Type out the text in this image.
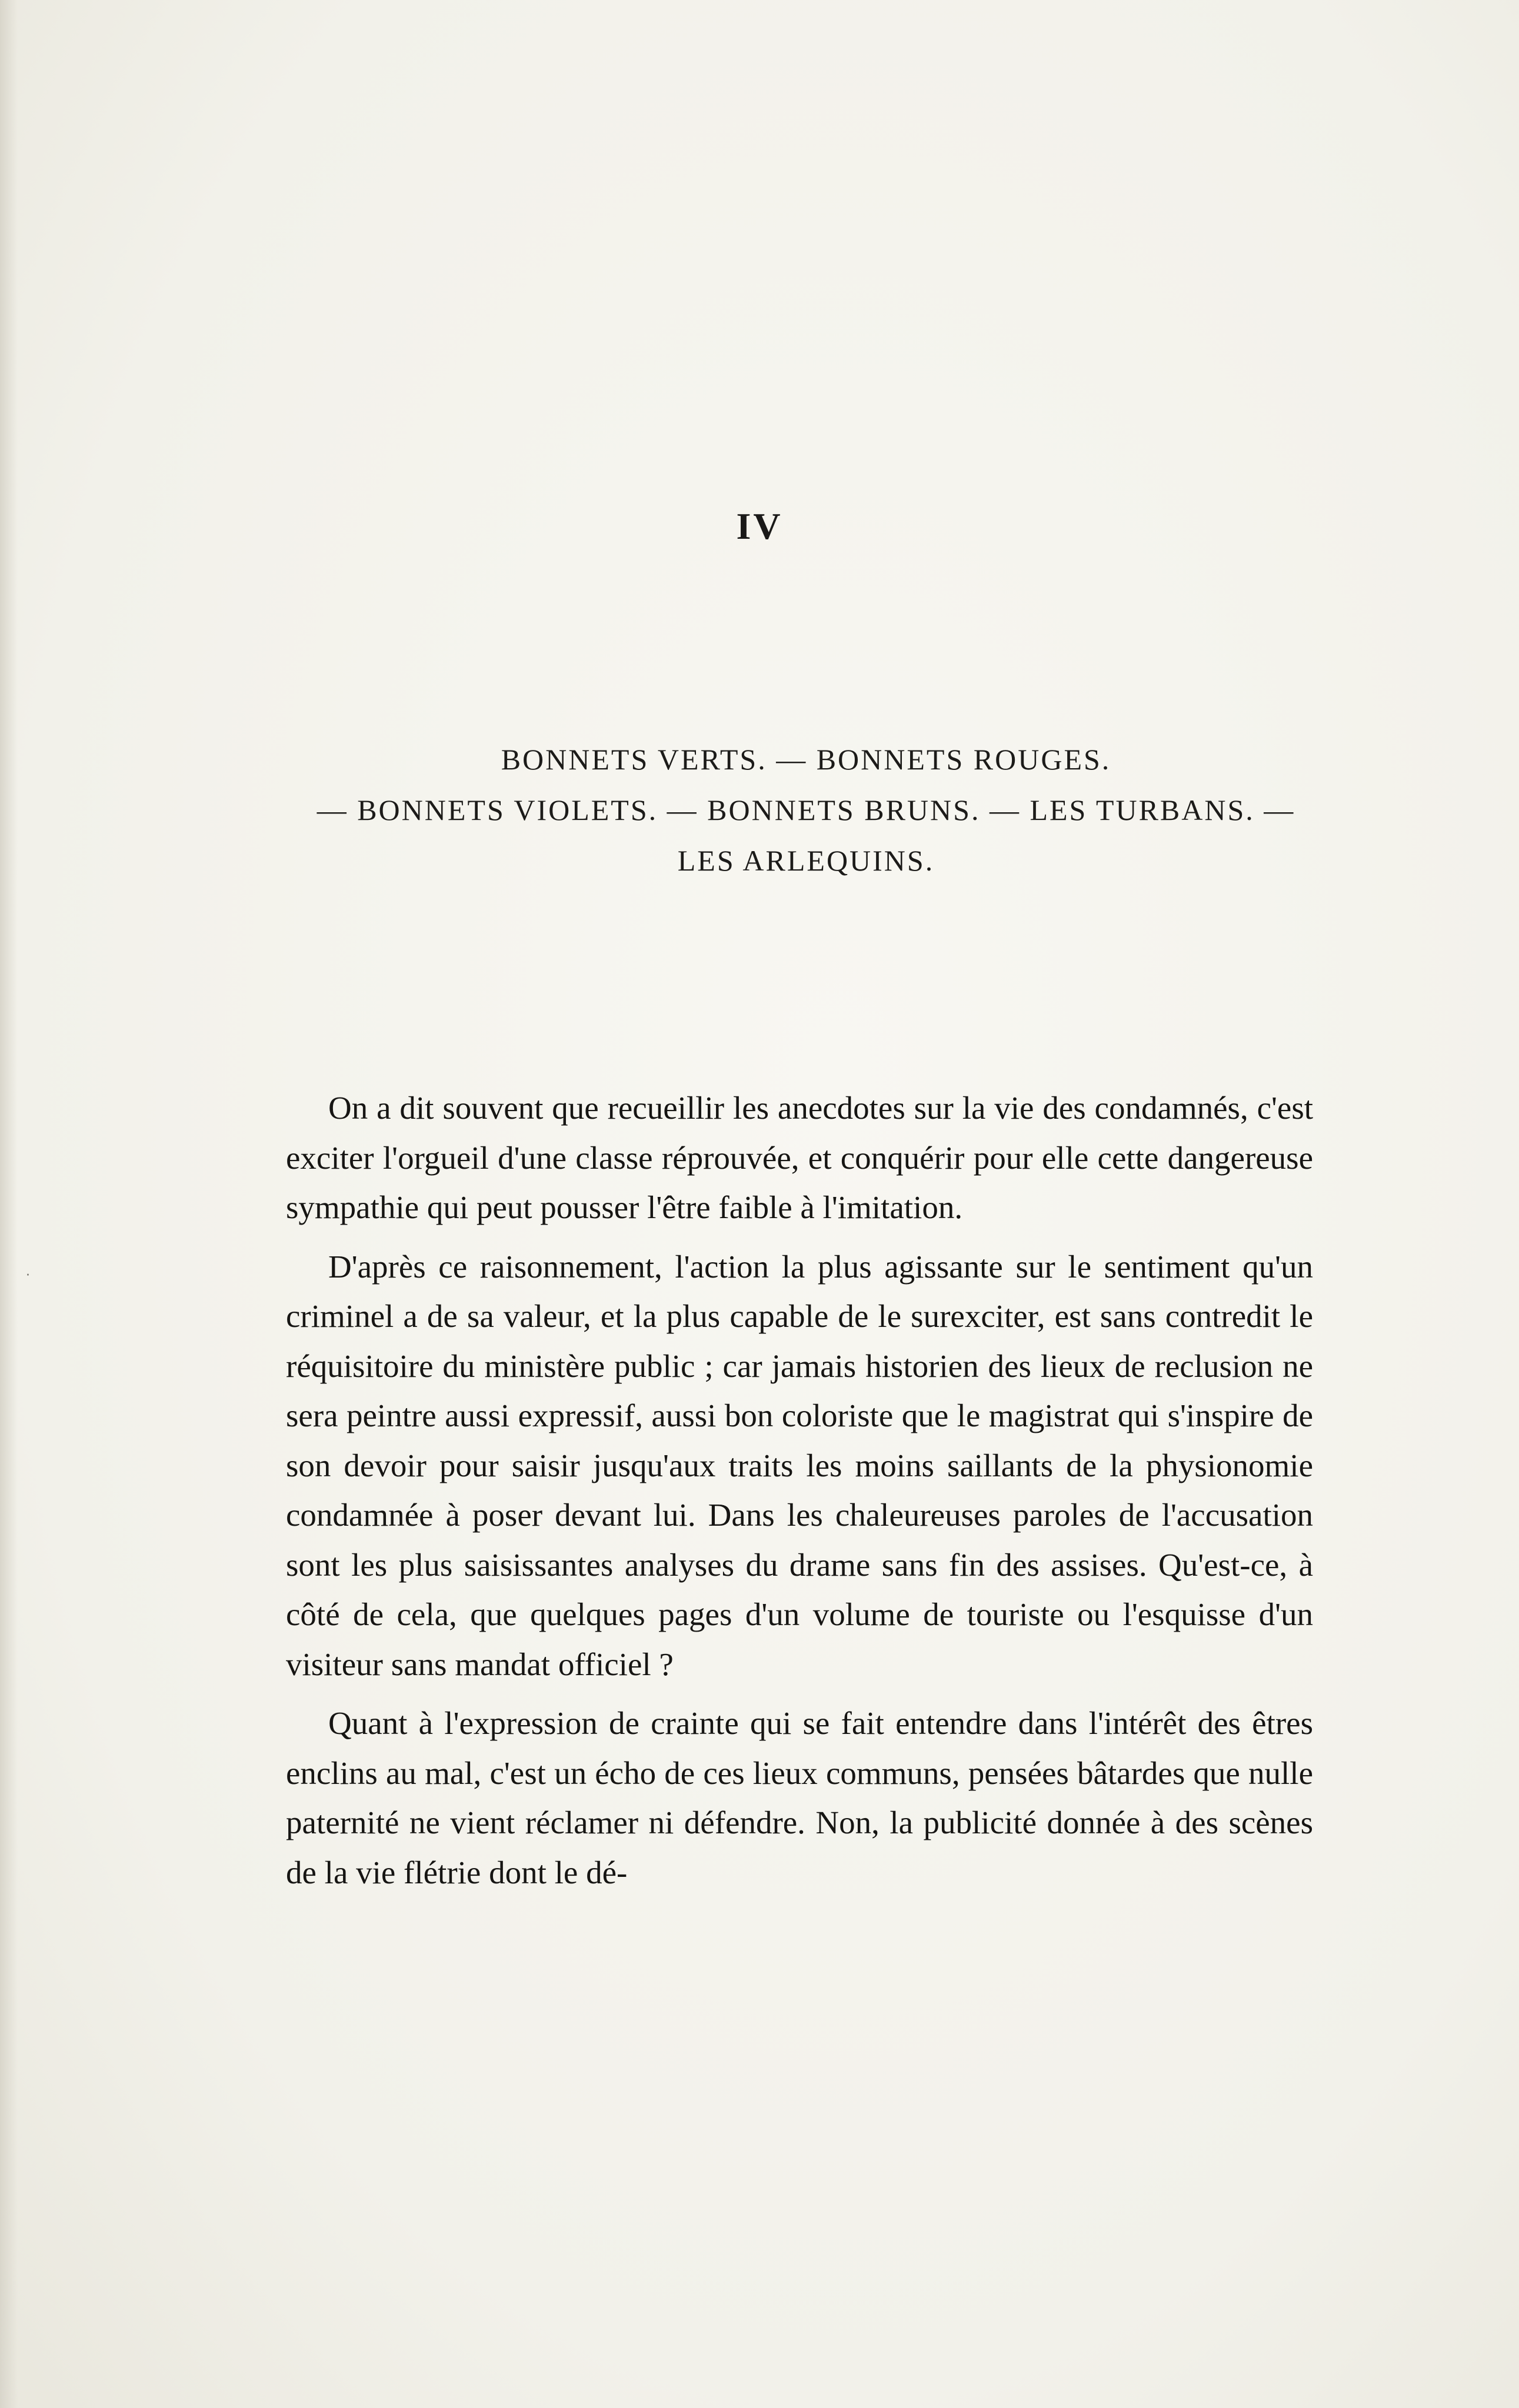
·
IV
BONNETS VERTS. — BONNETS ROUGES.
— BONNETS VIOLETS. — BONNETS BRUNS. — LES TURBANS. —
LES ARLEQUINS.

On a dit souvent que recueillir les anecdotes sur la vie des condamnés, c'est exciter l'orgueil d'une classe réprouvée, et conquérir pour elle cette dangereuse sympathie qui peut pousser l'être faible à l'imitation.

D'après ce raisonnement, l'action la plus agissante sur le sentiment qu'un criminel a de sa valeur, et la plus capable de le surexciter, est sans contredit le réquisitoire du ministère public ; car jamais historien des lieux de reclusion ne sera peintre aussi expressif, aussi bon coloriste que le magistrat qui s'inspire de son devoir pour saisir jusqu'aux traits les moins saillants de la physionomie condamnée à poser devant lui. Dans les chaleureuses paroles de l'accusation sont les plus saisissantes analyses du drame sans fin des assises. Qu'est-ce, à côté de cela, que quelques pages d'un volume de touriste ou l'esquisse d'un visiteur sans mandat officiel ?

Quant à l'expression de crainte qui se fait entendre dans l'intérêt des êtres enclins au mal, c'est un écho de ces lieux communs, pensées bâtardes que nulle paternité ne vient réclamer ni défendre. Non, la publicité donnée à des scènes de la vie flétrie dont le dé-
